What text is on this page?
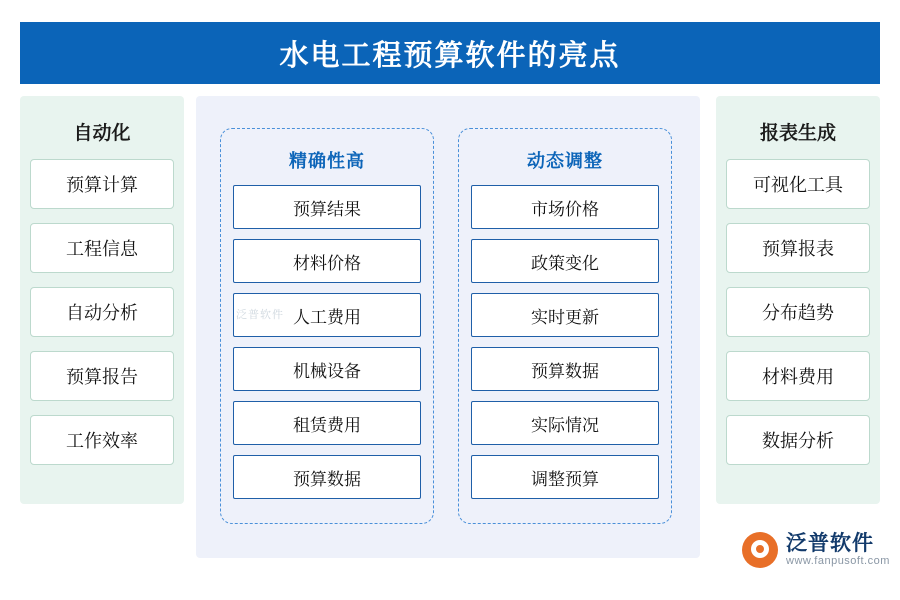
水电工程预算软件的亮点
自动化
预算计算
工程信息
自动分析
预算报告
工作效率
精确性高
预算结果
材料价格
人工费用
机械设备
租赁费用
预算数据
动态调整
市场价格
政策变化
实时更新
预算数据
实际情况
调整预算
泛普软件
报表生成
可视化工具
预算报表
分布趋势
材料费用
数据分析
泛普软件
www.fanpusoft.com
